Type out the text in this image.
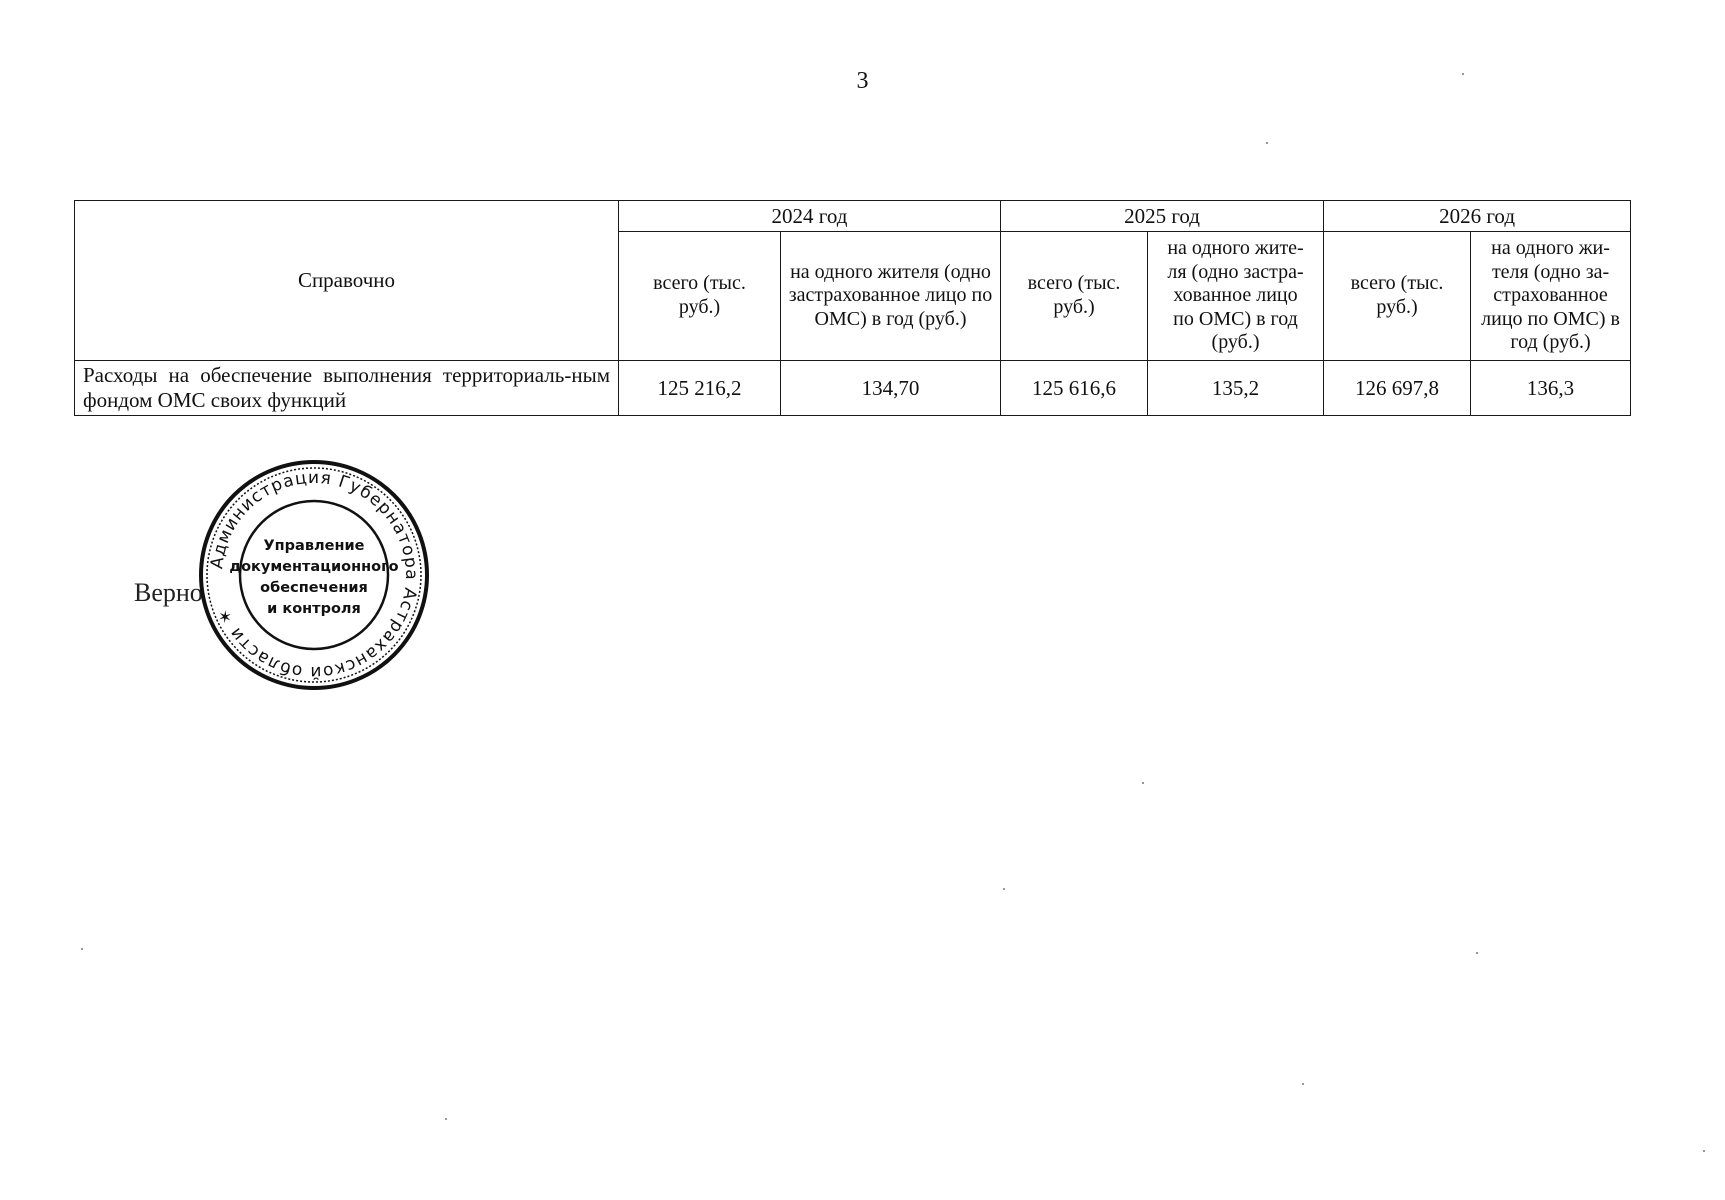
3
Справочно	2024 год		2025 год		2026 год	
	всего (тыс. руб.)	на одного жителя (одно застрахованное лицо по ОМС) в год (руб.)	всего (тыс. руб.)	на одного жите-ля (одно застра-хованное лицо по ОМС) в год (руб.)	всего (тыс. руб.)	на одного жи-теля (одно за-страхованное лицо по ОМС) в год (руб.)
Расходы на обеспечение выполнения территориаль-ным фондом ОМС своих функций	125 216,2	134,70	125 616,6	135,2	126 697,8	136,3
Верно
Администрация Губернатора Астраханской области ✶
Управление
документационного
обеспечения
и контроля
